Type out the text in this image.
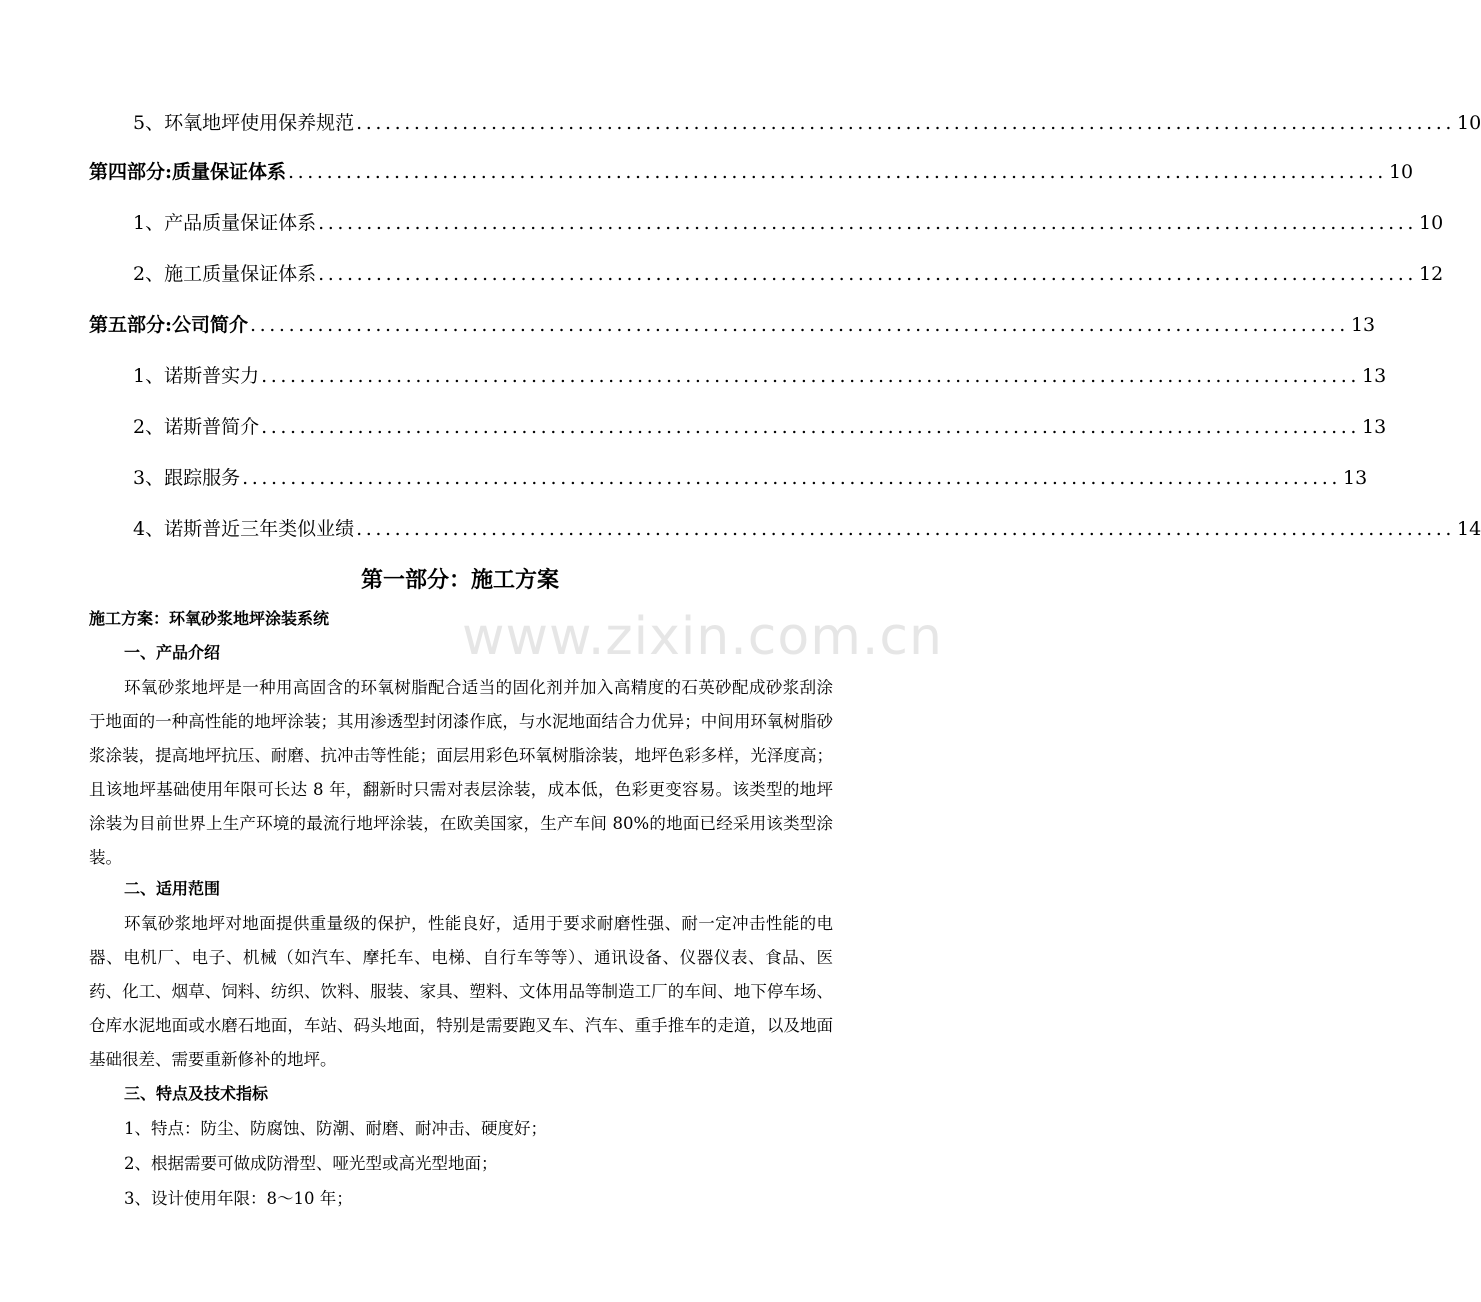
5、环氧地坪使用保养规范 .................................................................................................................. 10
第四部分:质量保证体系 .................................................................................................................. 10
1、产品质量保证体系 .................................................................................................................. 10
2、施工质量保证体系 .................................................................................................................. 12
第五部分:公司简介 .................................................................................................................. 13
1、诺斯普实力 .................................................................................................................. 13
2、诺斯普简介 .................................................................................................................. 13
3、跟踪服务 .................................................................................................................. 13
4、诺斯普近三年类似业绩 .................................................................................................................. 14
www.zixin.com.cn
第一部分：施工方案
施工方案：环氧砂浆地坪涂装系统
一、产品介绍
环氧砂浆地坪是一种用高固含的环氧树脂配合适当的固化剂并加入高精度的石英砂配成砂浆刮涂于地面的一种高性能的地坪涂装；其用渗透型封闭漆作底，与水泥地面结合力优异；中间用环氧树脂砂浆涂装，提高地坪抗压、耐磨、抗冲击等性能；面层用彩色环氧树脂涂装，地坪色彩多样，光泽度高；且该地坪基础使用年限可长达 8 年，翻新时只需对表层涂装，成本低，色彩更变容易。该类型的地坪涂装为目前世界上生产环境的最流行地坪涂装，在欧美国家，生产车间 80%的地面已经采用该类型涂装。
二、适用范围
环氧砂浆地坪对地面提供重量级的保护，性能良好，适用于要求耐磨性强、耐一定冲击性能的电器、电机厂、电子、机械（如汽车、摩托车、电梯、自行车等等）、通讯设备、仪器仪表、食品、医药、化工、烟草、饲料、纺织、饮料、服装、家具、塑料、文体用品等制造工厂的车间、地下停车场、仓库水泥地面或水磨石地面，车站、码头地面，特别是需要跑叉车、汽车、重手推车的走道，以及地面基础很差、需要重新修补的地坪。
三、特点及技术指标
1、特点：防尘、防腐蚀、防潮、耐磨、耐冲击、硬度好；
2、根据需要可做成防滑型、哑光型或高光型地面；
3、设计使用年限：8～10 年；
